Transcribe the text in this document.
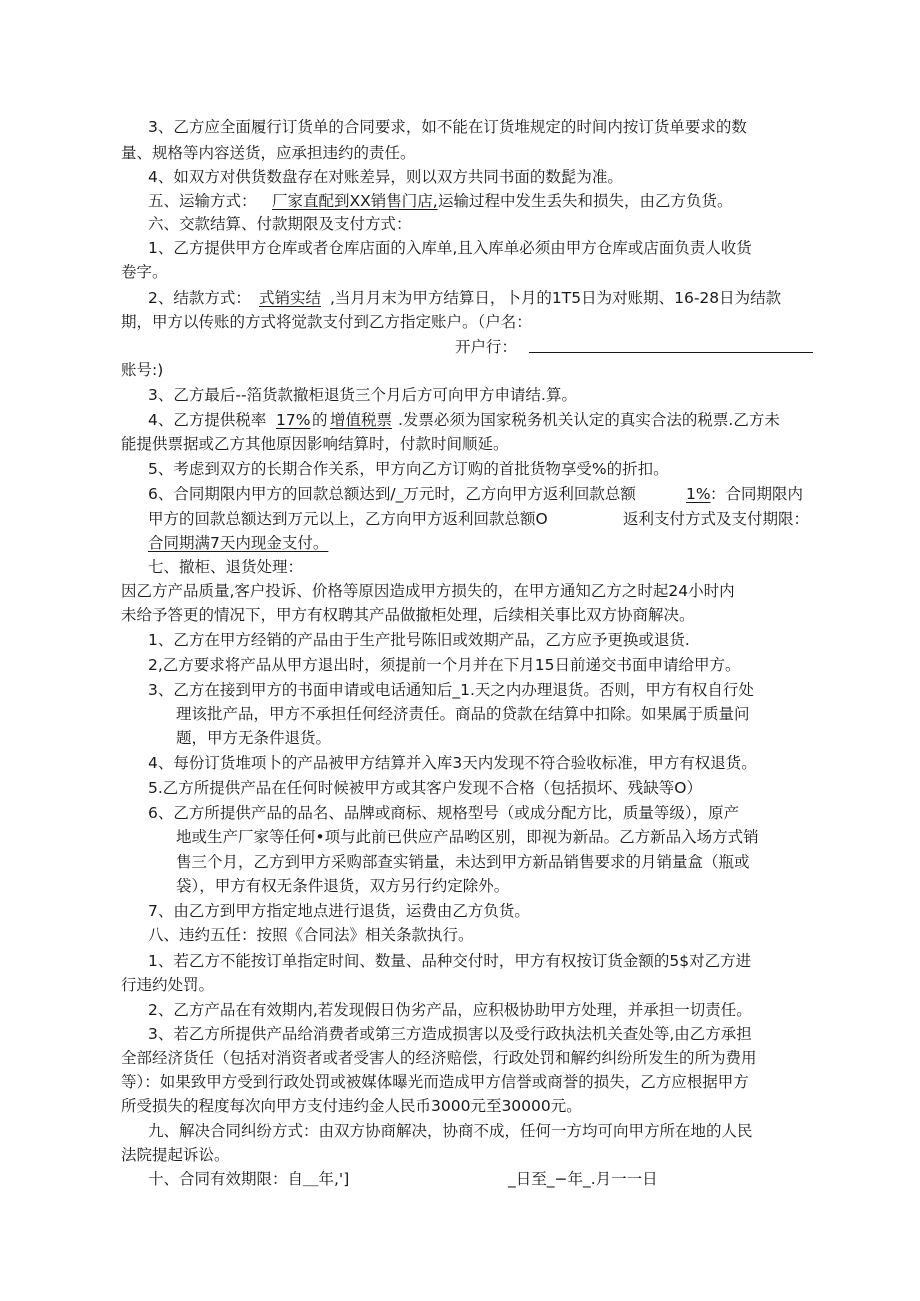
3、乙方应全面履行订货单的合同要求，如不能在订货堆规定的时间内按订货单要求的数
量、规格等内容送货，应承担违约的责任。
4、如双方对供货数盘存在对账差异，则以双方共同书面的数髭为准。
五、运输方式： 厂家直配到XX销售门店, 运输过程中发生丢失和损失，由乙方负货。
六、交款结算、付款期限及支付方式：
1、乙方提供甲方仓库或者仓库店面的入库单,且入库单必须由甲方仓库或店面负责人收货
卷字。
2、结款方式： 式销实结 ,当月月末为甲方结算日，卜月的1T5日为对账期、16-28日为结款
期，甲方以传账的方式将觉款支付到乙方指定账户。（户名：
开户行：
账号:)
3、乙方最后--箔货款撤柜退货三个月后方可向甲方申请结.算。
4、乙方提供税率 17% 的 增值税票 .发票必须为国家税务机关认定的真实合法的税票.乙方未
能提供票据或乙方其他原因影响结算时，付款时间顺延。
5、考虑到双方的长期合作关系，甲方向乙方订购的首批货物享受%的折扣。
6、合同期限内甲方的回款总额达到/_万元时，乙方向甲方返利回款总额	1% ：合同期限内
甲方的回款总额达到万元以上，乙方向甲方返利回款总额O	返利支付方式及支付期限：
合同期满7天内现金支付。
七、撤柜、退货处理：
因乙方产品质量,客户投诉、价格等原因造成甲方损失的，在甲方通知乙方之时起24小时内
未给予答更的情况下，甲方有权聘其产品做撤柜处理，后续相关事比双方协商解决。
1、乙方在甲方经销的产品由于生产批号陈旧或效期产品，乙方应予更换或退货.
2,乙方要求将产品从甲方退出时，须提前一个月并在下月15日前递交书面申请给甲方。
3、乙方在接到甲方的书面申请或电话通知后_1.天之内办理退货。否则，甲方有权自行处
理该批产品，甲方不承担任何经济责任。商品的贷款在结算中扣除。如果属于质量问
题，甲方无条件退货。
4、每份订货堆项卜的产品被甲方结算并入库3天内发现不符合验收标准，甲方有权退货。
5.乙方所提供产品在任何时候被甲方或其客户发现不合格（包括损坏、残缺等O）
6、乙方所提供产品的品名、品牌或商标、规格型号（或成分配方比，质量等级），原产
地或生产厂家等任何•项与此前已供应产品哟区别，即视为新品。乙方新品入场方式销
售三个月，乙方到甲方采购部查实销量，未达到甲方新品销售要求的月销量盒（瓶或
袋），甲方有权无条件退货，双方另行约定除外。
7、由乙方到甲方指定地点进行退货，运费由乙方负货。
八、违约五任：按照《合同法》相关条款执行。
1、若乙方不能按订单指定时间、数量、品种交付时，甲方有权按订货金额的5$对乙方进
行违约处罚。
2、乙方产品在有效期内,若发现假日伪劣产品，应积极协助甲方处理，并承担一切责任。
3、若乙方所提供产品给消费者或第三方造成损害以及受行政执法机关查处等,由乙方承担
全部经济货任（包括对消资者或者受害人的经济赔偿，行政处罚和解约纠纷所发生的所为费用
等）：如果致甲方受到行政处罚或被媒体曝光而造成甲方信誉或商誉的损失，乙方应根据甲方
所受损失的程度每次向甲方支付违约金人民币3000元至30000元。
九、解决合同纠纷方式：由双方协商解决，协商不成，任何一方均可向甲方所在地的人民
法院提起诉讼。
十、合同有效期限：自＿年,']	_日至_−年_.月一一日
